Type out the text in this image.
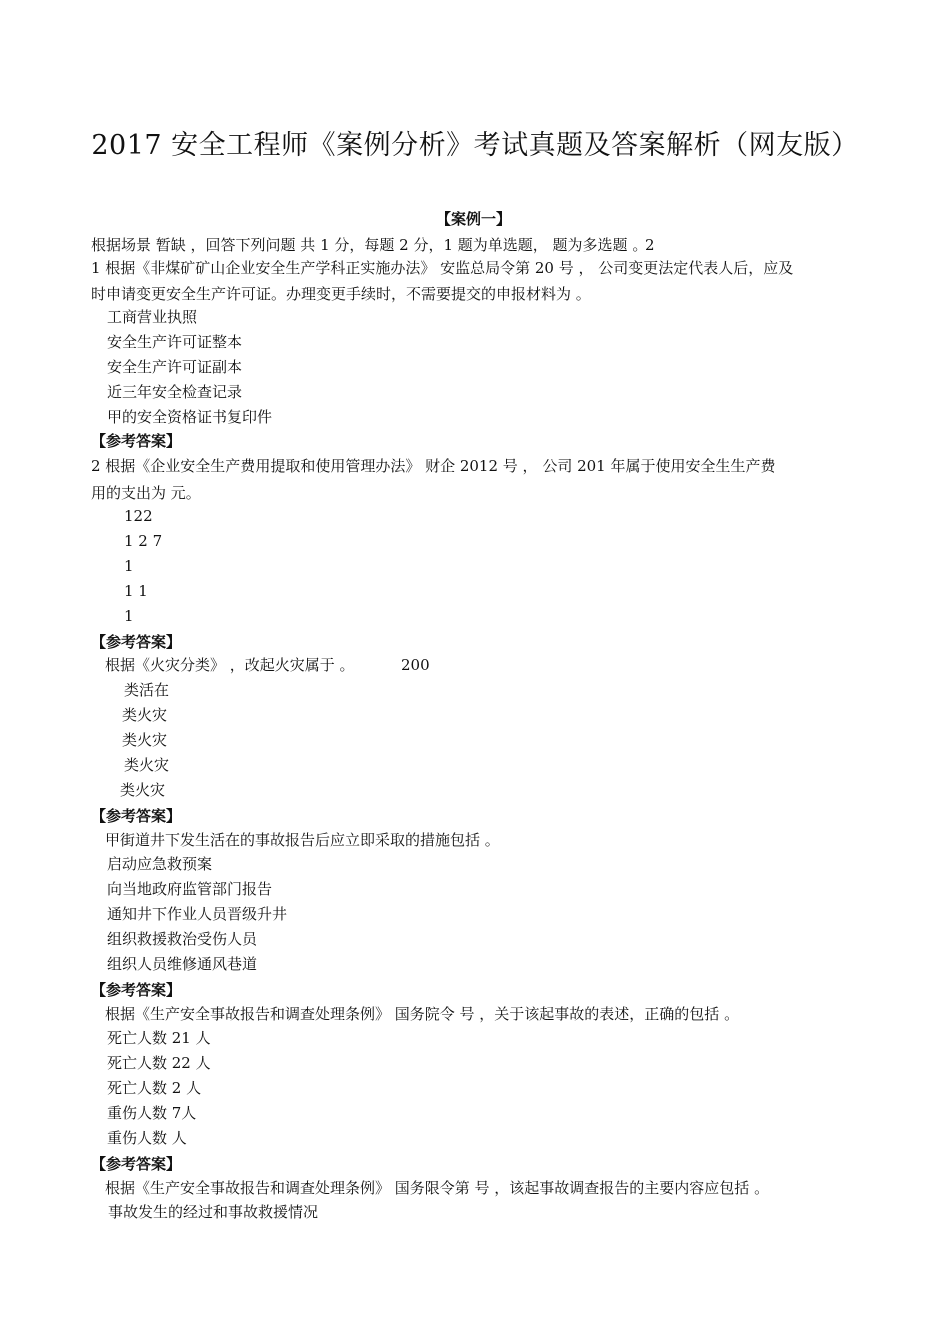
2017 安全工程师《案例分析》考试真题及答案解析（网友版）
【案例一】
根据场景 暂缺 ，回答下列问题 共 1 分，每题 2 分，1 题为单选题， 题为多选题 。
2
1 根据《非煤矿矿山企业安全生产学科正实施办法》 安监总局令第 20 号 ， 公司变更法定代表人后，应及
时申请变更安全生产许可证。办理变更手续时，不需要提交的申报材料为 。
工商营业执照
安全生产许可证整本
安全生产许可证副本
近三年安全检查记录
甲的安全资格证书复印件
【参考答案】
2 根据《企业安全生产费用提取和使用管理办法》 财企 2012 号 ， 公司 201 年属于使用安全生生产费
用的支出为 元。
122
1 2 7
1
1 1
1
【参考答案】
根据《火灾分类》 ，改起火灾属于 。	200
类活在
类火灾
类火灾
类火灾
类火灾
【参考答案】
甲街道井下发生活在的事故报告后应立即采取的措施包括 。
启动应急救预案
向当地政府监管部门报告
通知井下作业人员晋级升井
组织救援救治受伤人员
组织人员维修通风巷道
【参考答案】
根据《生产安全事故报告和调查处理条例》 国务院令 号 ，关于该起事故的表述，正确的包括 。
死亡人数 21 人
死亡人数 22 人
死亡人数 2 人
重伤人数 7人
重伤人数 人
【参考答案】
根据《生产安全事故报告和调查处理条例》 国务限令第 号 ，该起事故调查报告的主要内容应包括 。
事故发生的经过和事故救援情况
